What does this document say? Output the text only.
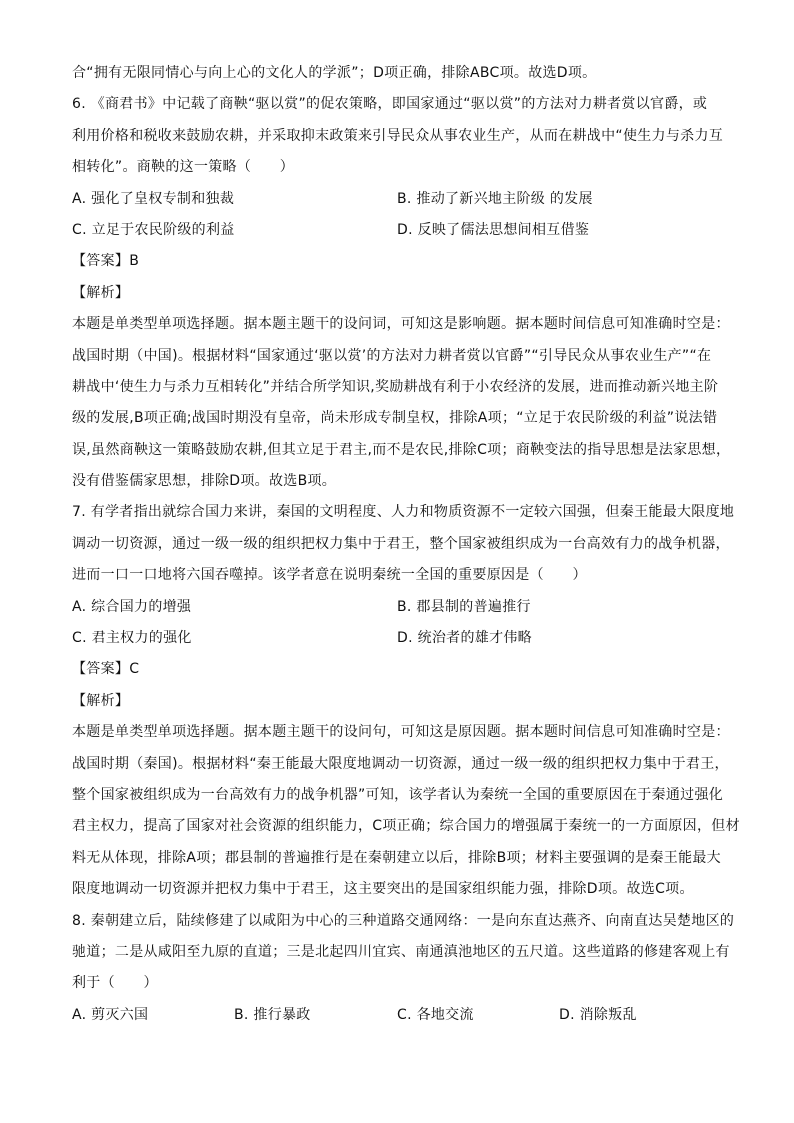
合“拥有无限同情心与向上心的文化人的学派”；D项正确，排除ABC项。故选D项。
6. 《商君书》中记载了商鞅“驱以赏”的促农策略，即国家通过“驱以赏”的方法对力耕者赏以官爵，或
利用价格和税收来鼓励农耕，并采取抑末政策来引导民众从事农业生产，从而在耕战中“使生力与杀力互
相转化”。商鞅的这一策略（　　）
A. 强化了皇权专制和独裁	B. 推动了新兴地主阶级 的发展
C. 立足于农民阶级的利益	D. 反映了儒法思想间相互借鉴
【答案】B
【解析】
本题是单类型单项选择题。据本题主题干的设问词，可知这是影响题。据本题时间信息可知准确时空是：
战国时期（中国)。根据材料“国家通过‘驱以赏’的方法对力耕者赏以官爵”“引导民众从事农业生产”“在
耕战中‘使生力与杀力互相转化”并结合所学知识,奖励耕战有利于小农经济的发展，进而推动新兴地主阶
级的发展,B项正确;战国时期没有皇帝，尚未形成专制皇权，排除A项；“立足于农民阶级的利益”说法错
误,虽然商鞅这一策略鼓励农耕,但其立足于君主,而不是农民,排除C项；商鞅变法的指导思想是法家思想，
没有借鉴儒家思想，排除D项。故选B项。
7. 有学者指出就综合国力来讲，秦国的文明程度、人力和物质资源不一定较六国强，但秦王能最大限度地
调动一切资源，通过一级一级的组织把权力集中于君王，整个国家被组织成为一台高效有力的战争机器，
进而一口一口地将六国吞噬掉。该学者意在说明秦统一全国的重要原因是（　　）
A. 综合国力的增强	B. 郡县制的普遍推行
C. 君主权力的强化	D. 统治者的雄才伟略
【答案】C
【解析】
本题是单类型单项选择题。据本题主题干的设问句，可知这是原因题。据本题时间信息可知准确时空是：
战国时期（秦国)。根据材料“秦王能最大限度地调动一切资源，通过一级一级的组织把权力集中于君王，
整个国家被组织成为一台高效有力的战争机器”可知，该学者认为秦统一全国的重要原因在于秦通过强化
君主权力，提高了国家对社会资源的组织能力，C项正确；综合国力的增强属于秦统一的一方面原因，但材
料无从体现，排除A项；郡县制的普遍推行是在秦朝建立以后，排除B项；材料主要强调的是秦王能最大
限度地调动一切资源并把权力集中于君王，这主要突出的是国家组织能力强，排除D项。故选C项。
8. 秦朝建立后，陆续修建了以咸阳为中心的三种道路交通网络：一是向东直达燕齐、向南直达吴楚地区的
驰道；二是从咸阳至九原的直道；三是北起四川宜宾、南通滇池地区的五尺道。这些道路的修建客观上有
利于（　　）
A. 剪灭六国	B. 推行暴政	C. 各地交流	D. 消除叛乱
